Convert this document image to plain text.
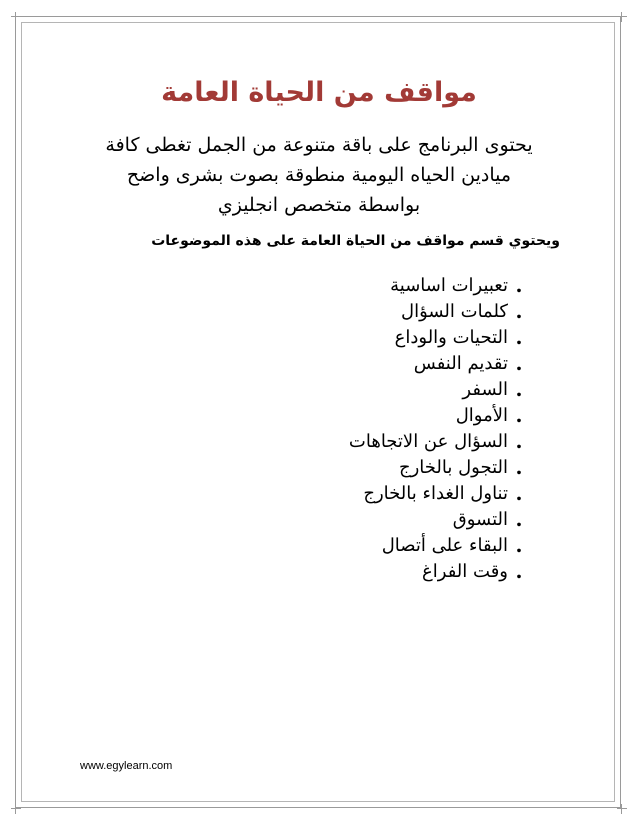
مواقف من الحياة العامة
يحتوى البرنامج على باقة متنوعة من الجمل تغطى كافة
ميادين الحياه اليومية منطوقة بصوت بشرى واضح
بواسطة متخصص انجليزي

ويحتوي قسم مواقف من الحياة العامة على هذه الموضوعات

.
تعبيرات اساسية
.
كلمات السؤال
.
التحيات والوداع
.
تقديم النفس
.
السفر
.
الأموال
.
السؤال عن الاتجاهات
.
التجول بالخارج
.
تناول الغداء بالخارج
.
التسوق
.
البقاء على أتصال
.
وقت الفراغ

www.egylearn.com
